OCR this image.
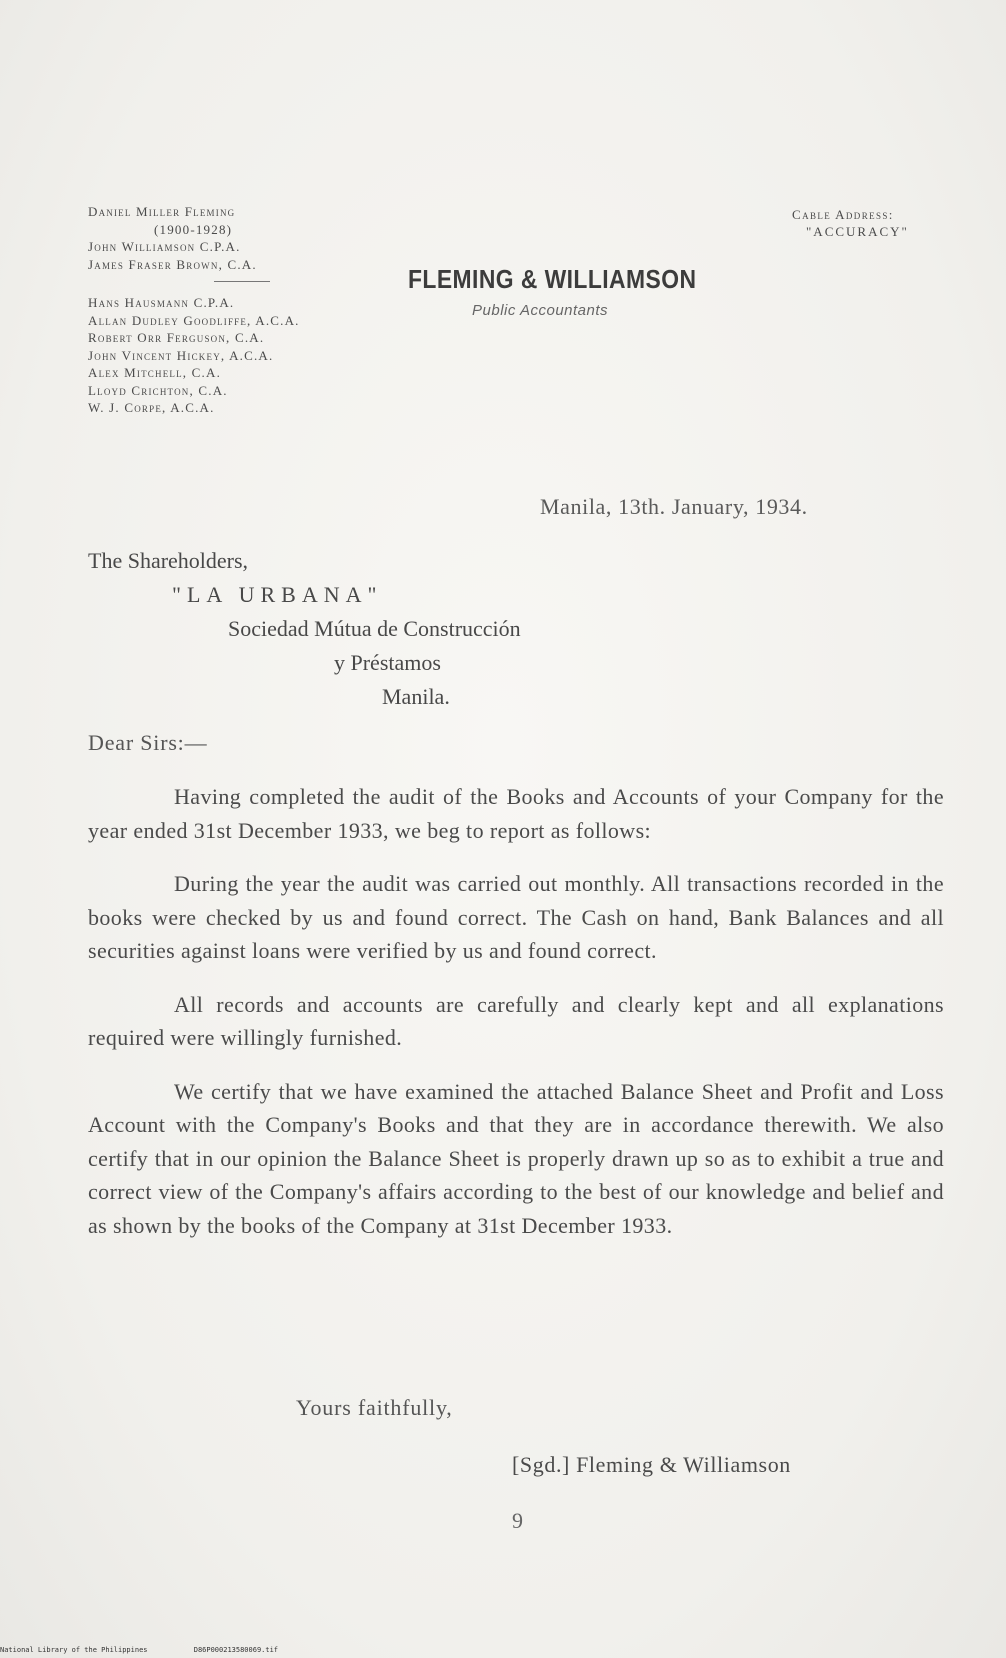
Daniel Miller Fleming
(1900-1928)
John Williamson C.P.A.
James Fraser Brown, C.A.
Hans Hausmann C.P.A.
Allan Dudley Goodliffe, A.C.A.
Robert Orr Ferguson, C.A.
John Vincent Hickey, A.C.A.
Alex Mitchell, C.A.
Lloyd Crichton, C.A.
W. J. Corpe, A.C.A.
FLEMING & WILLIAMSON
Public Accountants
Cable Address:
"ACCURACY"
Manila, 13th. January, 1934.
The Shareholders,
"LA URBANA"
Sociedad Mútua de Construcción
y Préstamos
Manila.
Dear Sirs:—

Having completed the audit of the Books and Accounts of your Company for the year ended 31st December 1933, we beg to report as follows:

During the year the audit was carried out monthly. All transactions recorded in the books were checked by us and found correct. The Cash on hand, Bank Balances and all securities against loans were verified by us and found correct.

All records and accounts are carefully and clearly kept and all explanations required were willingly furnished.

We certify that we have examined the attached Balance Sheet and Profit and Loss Account with the Company's Books and that they are in accordance therewith. We also certify that in our opinion the Balance Sheet is properly drawn up so as to exhibit a true and correct view of the Company's affairs according to the best of our knowledge and belief and as shown by the books of the Company at 31st December 1933.

Yours faithfully,
[Sgd.] Fleming & Williamson
9
National Library of the Philippines	D86P000213580069.tif
